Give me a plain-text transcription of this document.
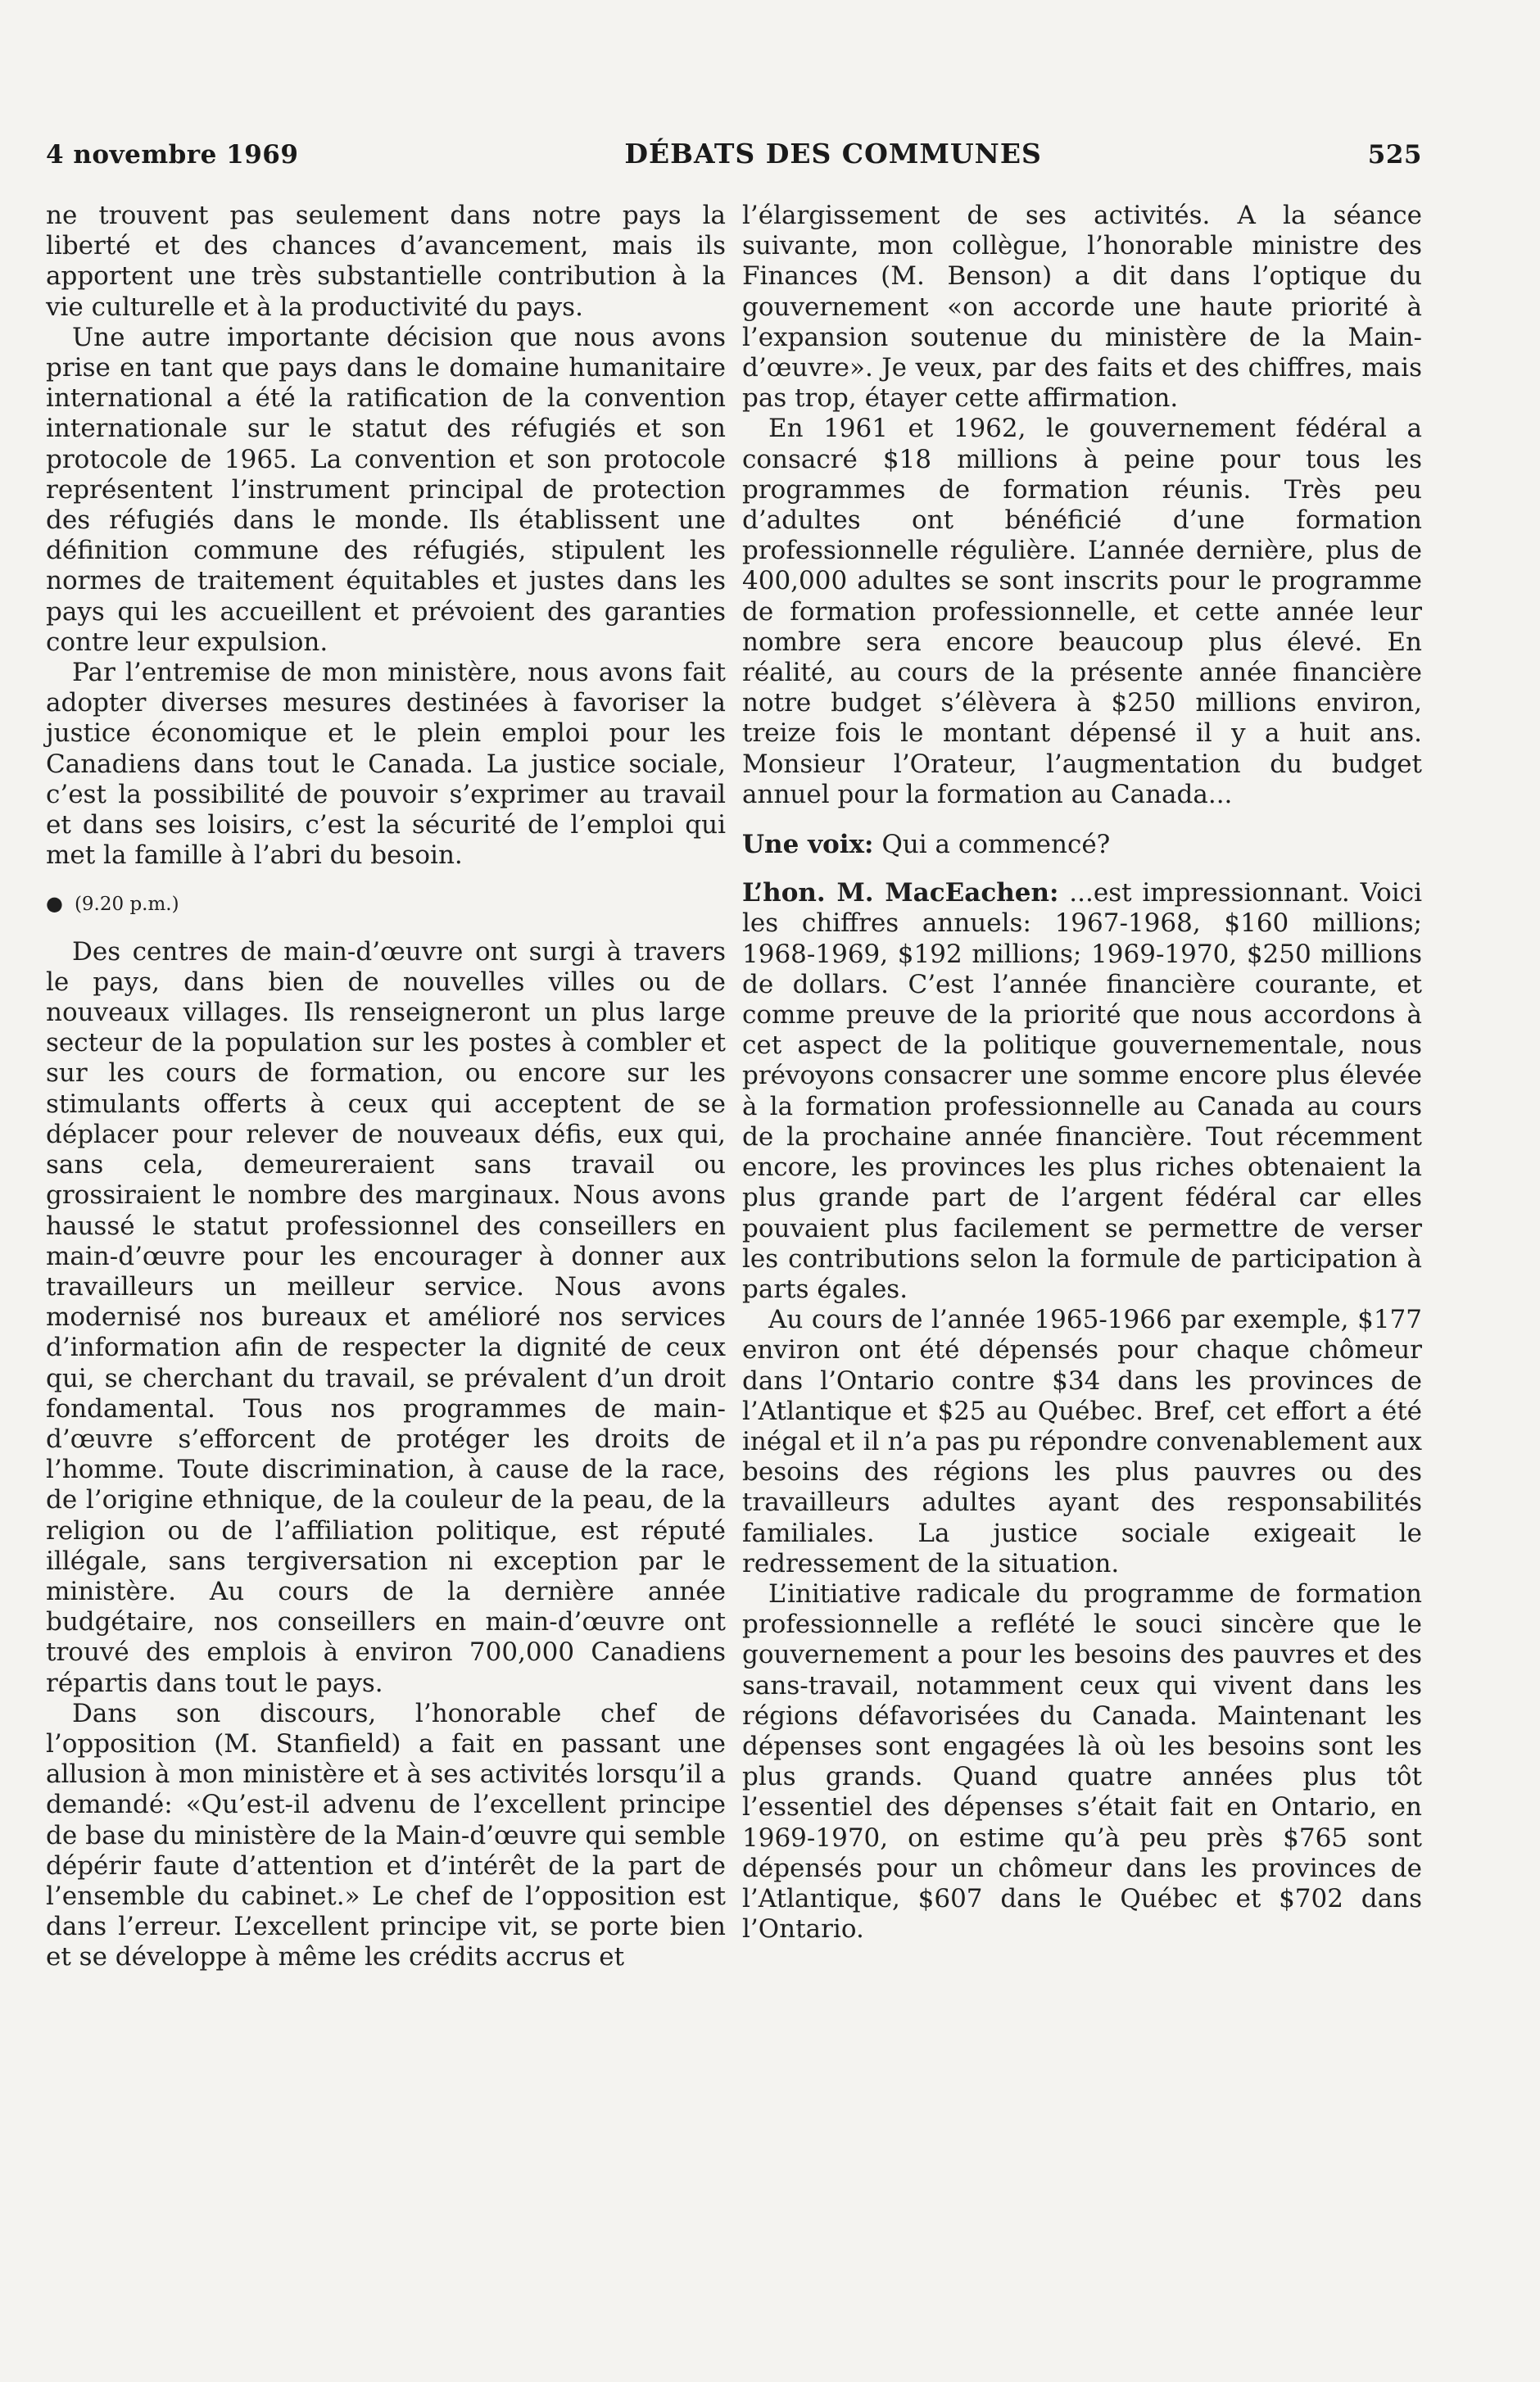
4 novembre 1969	DÉBATS DES COMMUNES	525

ne trouvent pas seulement dans notre pays la liberté et des chances d’avancement, mais ils apportent une très substantielle contribution à la vie culturelle et à la productivité du pays.

Une autre importante décision que nous avons prise en tant que pays dans le domaine humanitaire international a été la ratification de la convention internationale sur le statut des réfugiés et son protocole de 1965. La convention et son protocole représentent l’instrument principal de protection des réfugiés dans le monde. Ils établissent une définition commune des réfugiés, stipulent les normes de traitement équitables et justes dans les pays qui les accueillent et prévoient des garanties contre leur expulsion.

Par l’entremise de mon ministère, nous avons fait adopter diverses mesures destinées à favoriser la justice économique et le plein emploi pour les Canadiens dans tout le Canada. La justice sociale, c’est la possibilité de pouvoir s’exprimer au travail et dans ses loisirs, c’est la sécurité de l’emploi qui met la famille à l’abri du besoin.

● (9.20 p.m.)

Des centres de main-d’œuvre ont surgi à travers le pays, dans bien de nouvelles villes ou de nouveaux villages. Ils renseigneront un plus large secteur de la population sur les postes à combler et sur les cours de formation, ou encore sur les stimulants offerts à ceux qui acceptent de se déplacer pour relever de nouveaux défis, eux qui, sans cela, demeureraient sans travail ou grossiraient le nombre des marginaux. Nous avons haussé le statut professionnel des conseillers en main-d’œuvre pour les encourager à donner aux travailleurs un meilleur service. Nous avons modernisé nos bureaux et amélioré nos services d’information afin de respecter la dignité de ceux qui, se cherchant du travail, se prévalent d’un droit fondamental. Tous nos programmes de main-d’œuvre s’efforcent de protéger les droits de l’homme. Toute discrimination, à cause de la race, de l’origine ethnique, de la couleur de la peau, de la religion ou de l’affiliation politique, est réputé illégale, sans tergiversation ni exception par le ministère. Au cours de la dernière année budgétaire, nos conseillers en main-d’œuvre ont trouvé des emplois à environ 700,000 Canadiens répartis dans tout le pays.

Dans son discours, l’honorable chef de l’opposition (M. Stanfield) a fait en passant une allusion à mon ministère et à ses activités lorsqu’il a demandé: «Qu’est-il advenu de l’excellent principe de base du ministère de la Main-d’œuvre qui semble dépérir faute d’attention et d’intérêt de la part de l’ensemble du cabinet.» Le chef de l’opposition est dans l’erreur. L’excellent principe vit, se porte bien et se développe à même les crédits accrus et

l’élargissement de ses activités. A la séance suivante, mon collègue, l’honorable ministre des Finances (M. Benson) a dit dans l’optique du gouvernement «on accorde une haute priorité à l’expansion soutenue du ministère de la Main-d’œuvre». Je veux, par des faits et des chiffres, mais pas trop, étayer cette affirmation.

En 1961 et 1962, le gouvernement fédéral a consacré $18 millions à peine pour tous les programmes de formation réunis. Très peu d’adultes ont bénéficié d’une formation professionnelle régulière. L’année dernière, plus de 400,000 adultes se sont inscrits pour le programme de formation professionnelle, et cette année leur nombre sera encore beaucoup plus élevé. En réalité, au cours de la présente année financière notre budget s’élèvera à $250 millions environ, treize fois le montant dépensé il y a huit ans. Monsieur l’Orateur, l’augmentation du budget annuel pour la formation au Canada...

Une voix: Qui a commencé?

L’hon. M. MacEachen: ...est impressionnant. Voici les chiffres annuels: 1967-1968, $160 millions; 1968-1969, $192 millions; 1969-1970, $250 millions de dollars. C’est l’année financière courante, et comme preuve de la priorité que nous accordons à cet aspect de la politique gouvernementale, nous prévoyons consacrer une somme encore plus élevée à la formation professionnelle au Canada au cours de la prochaine année financière. Tout récemment encore, les provinces les plus riches obtenaient la plus grande part de l’argent fédéral car elles pouvaient plus facilement se permettre de verser les contributions selon la formule de participation à parts égales.

Au cours de l’année 1965-1966 par exemple, $177 environ ont été dépensés pour chaque chômeur dans l’Ontario contre $34 dans les provinces de l’Atlantique et $25 au Québec. Bref, cet effort a été inégal et il n’a pas pu répondre convenablement aux besoins des régions les plus pauvres ou des travailleurs adultes ayant des responsabilités familiales. La justice sociale exigeait le redressement de la situation.

L’initiative radicale du programme de formation professionnelle a reflété le souci sincère que le gouvernement a pour les besoins des pauvres et des sans-travail, notamment ceux qui vivent dans les régions défavorisées du Canada. Maintenant les dépenses sont engagées là où les besoins sont les plus grands. Quand quatre années plus tôt l’essentiel des dépenses s’était fait en Ontario, en 1969-1970, on estime qu’à peu près $765 sont dépensés pour un chômeur dans les provinces de l’Atlantique, $607 dans le Québec et $702 dans l’Ontario.
